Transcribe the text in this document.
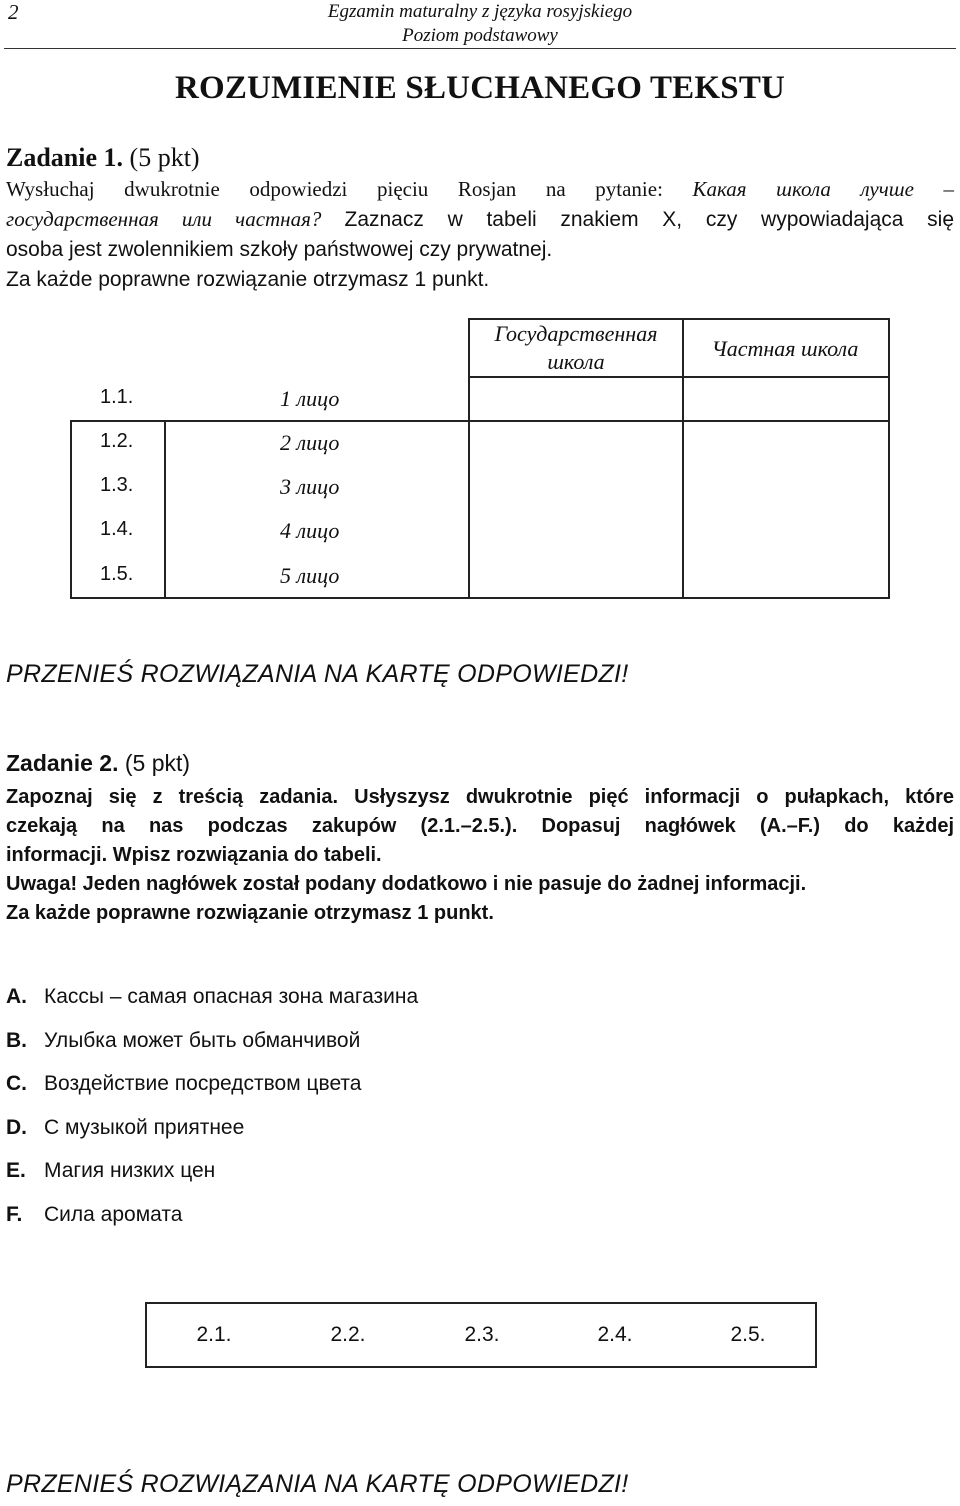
2	Egzamin maturalny z języka rosyjskiego
Poziom podstawowy
ROZUMIENIE SŁUCHANEGO TEKSTU
Zadanie 1. (5 pkt)
Wysłuchaj dwukrotnie odpowiedzi pięciu Rosjan na pytanie: Какая школа лучше –
государственная или частная? Zaznacz w tabeli znakiem X, czy wypowiadająca się
osoba jest zwolennikiem szkoły państwowej czy prywatnej.
Za każde poprawne rozwiązanie otrzymasz 1 punkt.
Государственная школа
Частная школа
1.1.	1 лицо
1.2.	2 лицо
1.3.	3 лицо
1.4.	4 лицо
1.5.	5 лицо
PRZENIEŚ ROZWIĄZANIA NA KARTĘ ODPOWIEDZI!
Zadanie 2. (5 pkt)
Zapoznaj się z treścią zadania. Usłyszysz dwukrotnie pięć informacji o pułapkach, które
czekają na nas podczas zakupów (2.1.–2.5.). Dopasuj nagłówek (A.–F.) do każdej
informacji. Wpisz rozwiązania do tabeli.
Uwaga! Jeden nagłówek został podany dodatkowo i nie pasuje do żadnej informacji.
Za każde poprawne rozwiązanie otrzymasz 1 punkt.
A. Кассы – самая опасная зона магазина
B. Улыбка может быть обманчивой
C. Воздействие посредством цвета
D. С музыкой приятнее
E. Магия низких цен
F. Сила аромата
2.1.	2.2.	2.3.	2.4.	2.5.
PRZENIEŚ ROZWIĄZANIA NA KARTĘ ODPOWIEDZI!
